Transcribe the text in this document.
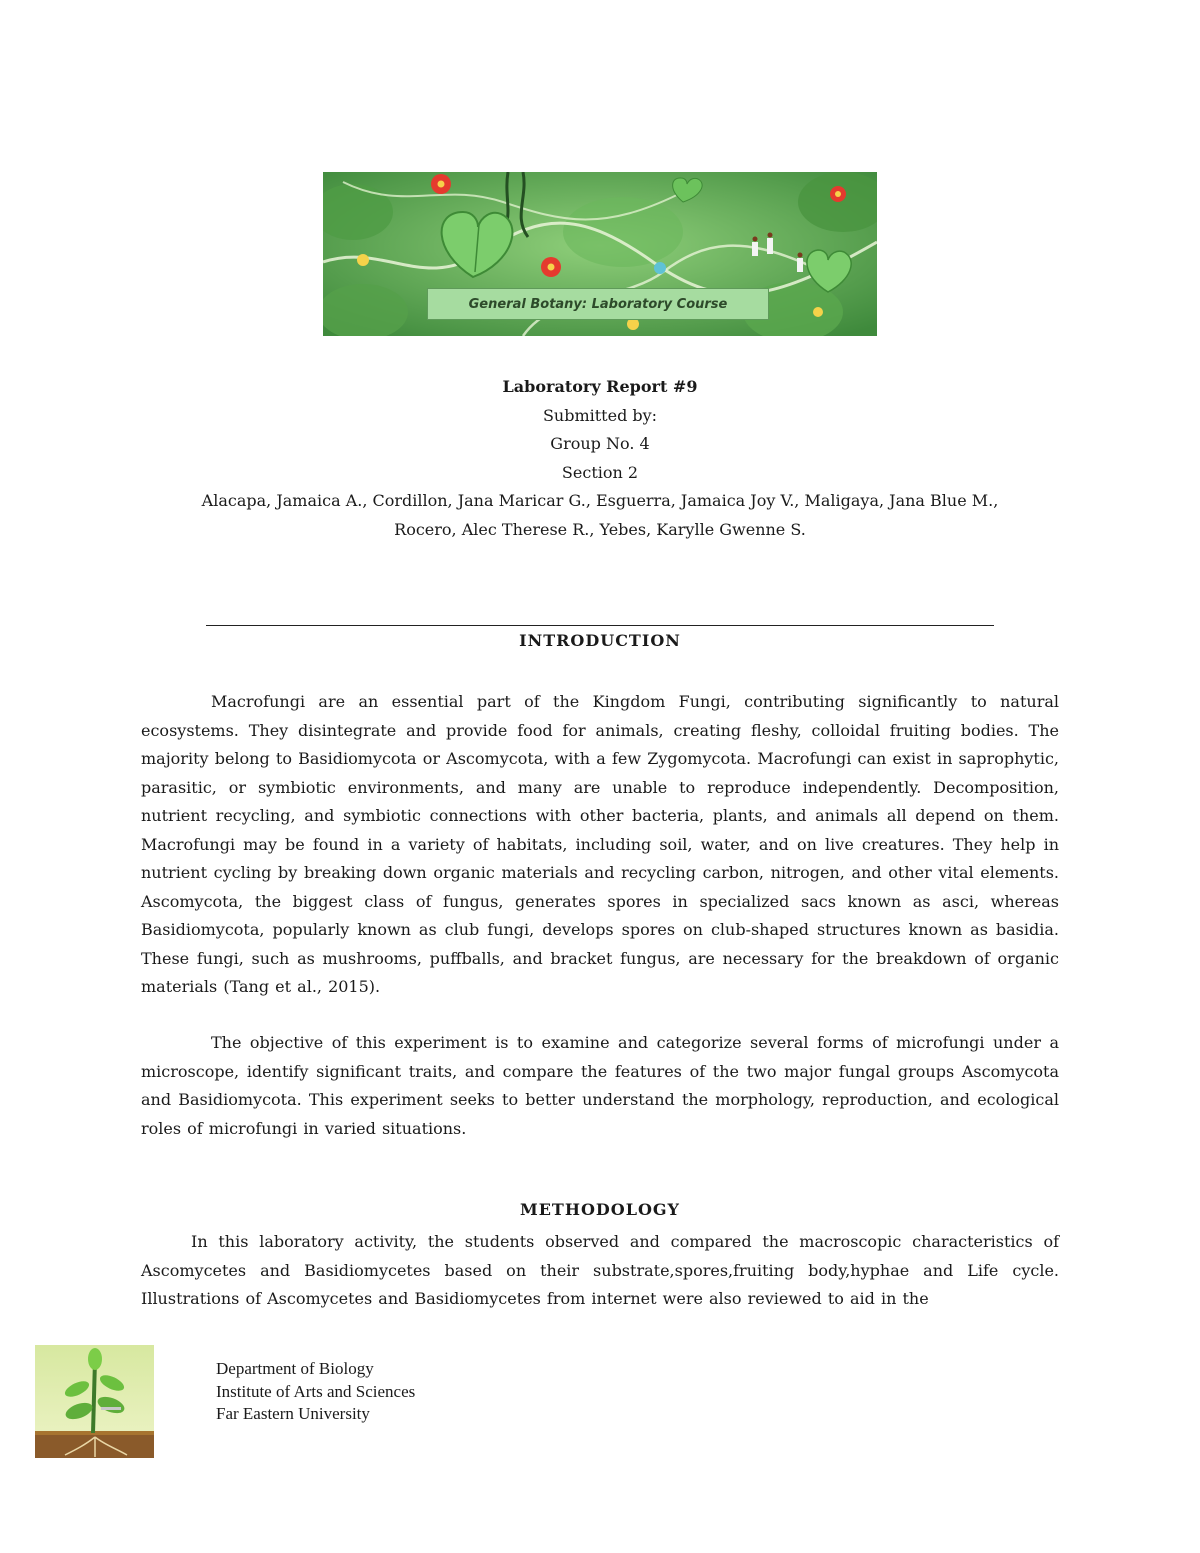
General Botany: Laboratory Course
Laboratory Report #9
Submitted by:
Group No. 4
Section 2
Alacapa, Jamaica A., Cordillon, Jana Maricar G., Esguerra, Jamaica Joy V., Maligaya, Jana Blue M.,
Rocero, Alec Therese R., Yebes, Karylle Gwenne S.
INTRODUCTION
Macrofungi are an essential part of the Kingdom Fungi, contributing significantly to natural ecosystems. They disintegrate and provide food for animals, creating fleshy, colloidal fruiting bodies. The majority belong to Basidiomycota or Ascomycota, with a few Zygomycota. Macrofungi can exist in saprophytic, parasitic, or symbiotic environments, and many are unable to reproduce independently. Decomposition, nutrient recycling, and symbiotic connections with other bacteria, plants, and animals all depend on them. Macrofungi may be found in a variety of habitats, including soil, water, and on live creatures. They help in nutrient cycling by breaking down organic materials and recycling carbon, nitrogen, and other vital elements. Ascomycota, the biggest class of fungus, generates spores in specialized sacs known as asci, whereas Basidiomycota, popularly known as club fungi, develops spores on club-shaped structures known as basidia. These fungi, such as mushrooms, puffballs, and bracket fungus, are necessary for the breakdown of organic materials (Tang et al., 2015).
The objective of this experiment is to examine and categorize several forms of microfungi under a microscope, identify significant traits, and compare the features of the two major fungal groups Ascomycota and Basidiomycota. This experiment seeks to better understand the morphology, reproduction, and ecological roles of microfungi in varied situations.
METHODOLOGY
In this laboratory activity, the students observed and compared the macroscopic characteristics of Ascomycetes and Basidiomycetes based on their substrate,spores,fruiting body,hyphae and Life cycle. Illustrations of Ascomycetes and Basidiomycetes from internet were also reviewed to aid in the
Department of Biology
Institute of Arts and Sciences
Far Eastern University
